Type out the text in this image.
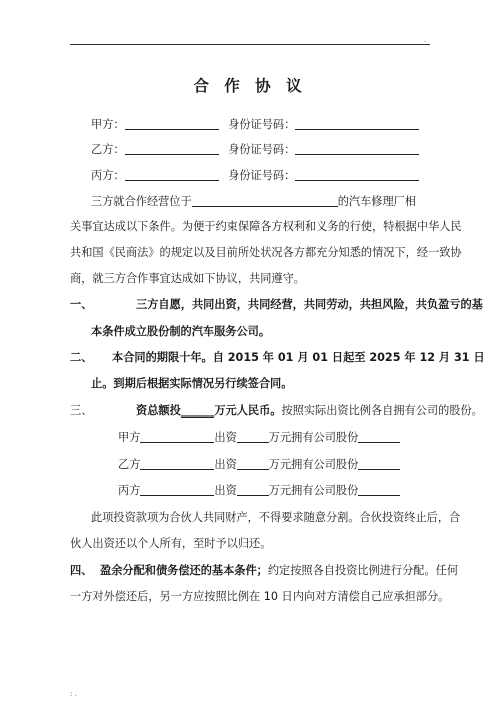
.
合 作 协 议
甲方：	身份证号码：
乙方：	身份证号码：
丙方：	身份证号码：
三方就合作经营位于	的汽车修理厂相
关事宜达成以下条件。为便于约束保障各方权利和义务的行使，特根据中华人民
共和国《民商法》的规定以及目前所处状况各方都充分知悉的情况下，经一致协
商，就三方合作事宜达成如下协议，共同遵守。
一、	三方自愿，共同出资，共同经营，共同劳动，共担风险，共负盈亏的基
本条件成立股份制的汽车服务公司。
二、 本合同的期限十年。自 2015 年 01 月 01 日起至 2025 年 12 月 31 日
止。到期后根据实际情况另行续签合同。
三、	资总额投______万元人民币。按照实际出资比例各自拥有公司的股份。
甲方	出资	万元拥有公司股份
乙方	出资	万元拥有公司股份
丙方	出资	万元拥有公司股份
此项投资款项为合伙人共同财产，不得要求随意分割。合伙投资终止后，合
伙人出资还以个人所有，至时予以归还。
四、 盈余分配和债务偿还的基本条件；约定按照各自投资比例进行分配。任何
一方对外偿还后，另一方应按照比例在 10 日内向对方清偿自己应承担部分。
: .
